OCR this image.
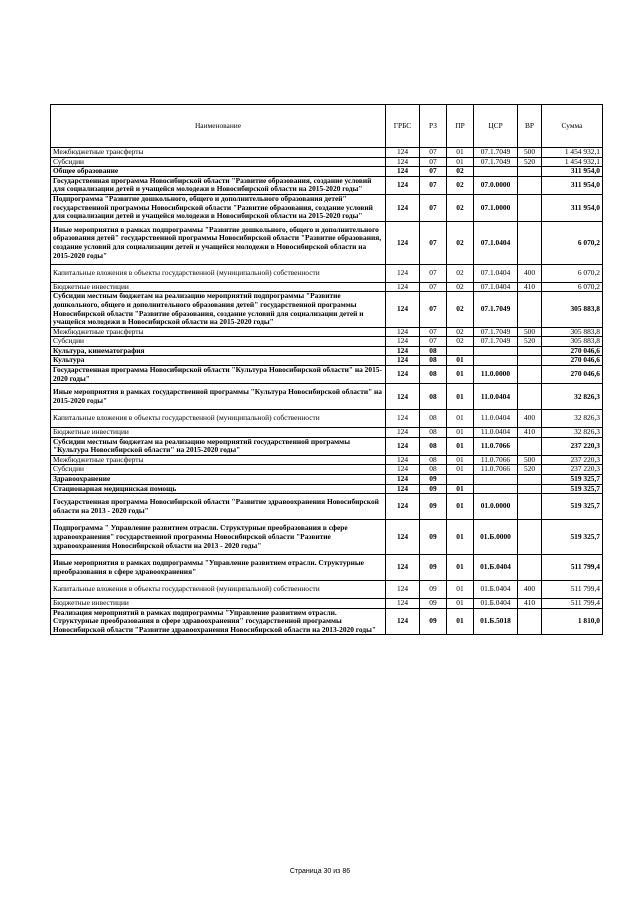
Наименование	ГРБС	РЗ	ПР	ЦСР	ВР	Сумма
Межбюджетные трансферты	124	07	01	07.1.7049	500	1 454 932,1
Субсидии	124	07	01	07.1.7049	520	1 454 932,1
Общее образование	124	07	02			311 954,0
Государственная программа Новосибирской области "Развитие образования, создание условий для социализации детей и учащейся молодежи в Новосибирской области на 2015-2020 годы"	124	07	02	07.0.0000		311 954,0
Подпрограмма "Развитие дошкольного, общего и дополнительного образования детей" государственной программы Новосибирской области "Развитие образования, создание условий для социализации детей и учащейся молодежи в Новосибирской области на 2015-2020 годы"	124	07	02	07.1.0000		311 954,0
Иные мероприятия в рамках подпрограммы "Развитие дошкольного, общего и дополнительного образования детей" государственной программы Новосибирской области "Развитие образования, создание условий для социализации детей и учащейся молодежи в Новосибирской области на 2015-2020 годы"	124	07	02	07.1.0404		6 070,2
Капитальные вложения в объекты государственной (муниципальной) собственности	124	07	02	07.1.0404	400	6 070,2
Бюджетные инвестиции	124	07	02	07.1.0404	410	6 070,2
Субсидии местным бюджетам на реализацию мероприятий подпрограммы "Развитие дошкольного, общего и дополнительного образования детей" государственной программы Новосибирской области "Развитие образования, создание условий для социализации детей и учащейся молодежи в Новосибирской области на 2015-2020 годы"	124	07	02	07.1.7049		305 883,8
Межбюджетные трансферты	124	07	02	07.1.7049	500	305 883,8
Субсидии	124	07	02	07.1.7049	520	305 883,8
Культура, кинематография	124	08				270 046,6
Культура	124	08	01			270 046,6
Государственная программа Новосибирской области "Культура Новосибирской области" на 2015-2020 годы"	124	08	01	11.0.0000		270 046,6
Иные мероприятия в рамках государственной программы "Культура Новосибирской области" на 2015-2020 годы"	124	08	01	11.0.0404		32 826,3
Капитальные вложения в объекты государственной (муниципальной) собственности	124	08	01	11.0.0404	400	32 826,3
Бюджетные инвестиции	124	08	01	11.0.0404	410	32 826,3
Субсидии местным бюджетам на реализацию мероприятий государственной программы "Культура Новосибирской области" на 2015-2020 годы"	124	08	01	11.0.7066		237 220,3
Межбюджетные трансферты	124	08	01	11.0.7066	500	237 220,3
Субсидии	124	08	01	11.0.7066	520	237 220,3
Здравоохранение	124	09				519 325,7
Стационарная медицинская помощь	124	09	01			519 325,7
Государственная программа Новосибирской области "Развитие здравоохранения Новосибирской области на 2013 - 2020 годы"	124	09	01	01.0.0000		519 325,7
Подпрограмма " Управление развитием отрасли. Структурные преобразования в сфере здравоохранения" государственной программы Новосибирской области "Развитие здравоохранения Новосибирской области на 2013 - 2020 годы"	124	09	01	01.Б.0000		519 325,7
Иные мероприятия в рамках подпрограммы "Управление развитием отрасли. Структурные преобразования в сфере здравоохранения"	124	09	01	01.Б.0404		511 799,4
Капитальные вложения в объекты государственной (муниципальной) собственности	124	09	01	01.Б.0404	400	511 799,4
Бюджетные инвестиции	124	09	01	01.Б.0404	410	511 799,4
Реализация мероприятий в рамках подпрограммы "Управление развитием отрасли. Структурные преобразования в сфере здравоохранения" государственной программы Новосибирской области "Развитие здравоохранения Новосибирской области на 2013-2020 годы"	124	09	01	01.Б.5018		1 810,0
Страница 30 из 86
